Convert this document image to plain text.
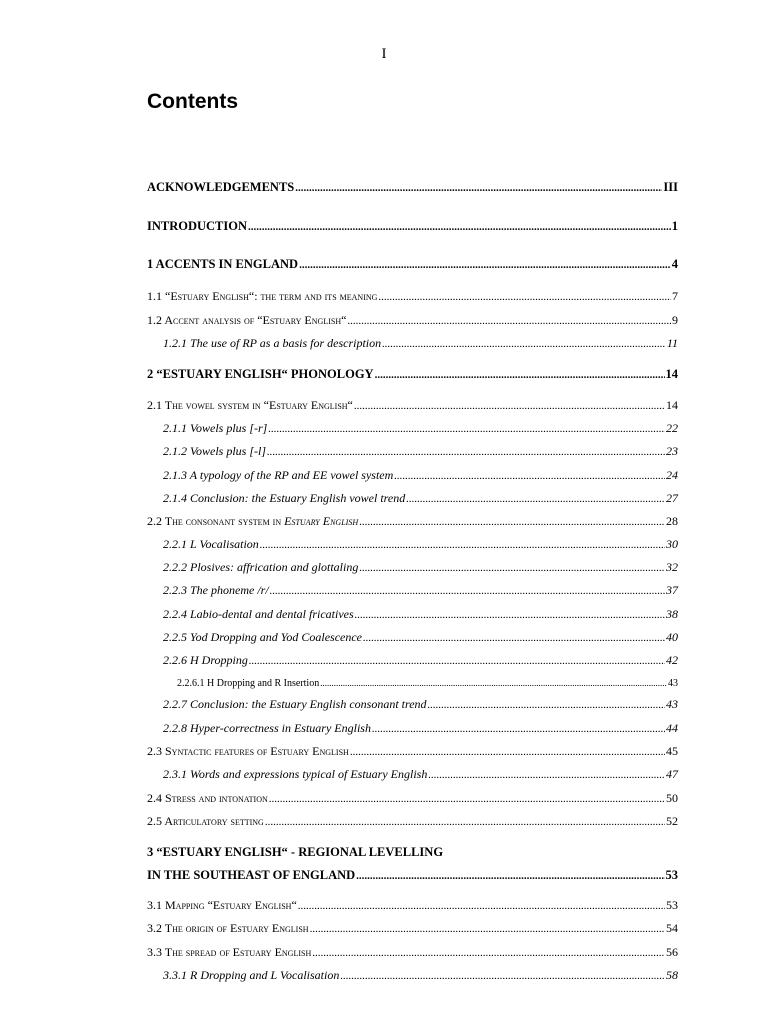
I
Contents
ACKNOWLEDGEMENTS .....	III
INTRODUCTION .....	1
1 ACCENTS IN ENGLAND .....	4
1.1 “Estuary English“: the term and its meaning .....	7
1.2 Accent analysis of “Estuary English“ .....	9
1.2.1 The use of RP as a basis for description .....	11
2 “ESTUARY ENGLISH“ PHONOLOGY .....	14
2.1 The vowel system in “Estuary English“ .....	14
2.1.1 Vowels plus [-r] .....	22
2.1.2 Vowels plus [-l] .....	23
2.1.3 A typology of the RP and EE vowel system .....	24
2.1.4 Conclusion: the Estuary English vowel trend .....	27
2.2 The consonant system in Estuary English .....	28
2.2.1 L Vocalisation .....	30
2.2.2 Plosives: affrication and glottaling .....	32
2.2.3 The phoneme /r/ .....	37
2.2.4 Labio-dental and dental fricatives .....	38
2.2.5 Yod Dropping and Yod Coalescence .....	40
2.2.6 H Dropping .....	42
2.2.6.1 H Dropping and R Insertion .....	43
2.2.7 Conclusion: the Estuary English consonant trend .....	43
2.2.8 Hyper-correctness in Estuary English .....	44
2.3 Syntactic features of Estuary English .....	45
2.3.1 Words and expressions typical of Estuary English .....	47
2.4 Stress and intonation .....	50
2.5 Articulatory setting .....	52
3 “ESTUARY ENGLISH“ - REGIONAL LEVELLING
IN THE SOUTHEAST OF ENGLAND .....	53
3.1 Mapping “Estuary English“ .....	53
3.2 The origin of Estuary English .....	54
3.3 The spread of Estuary English .....	56
3.3.1 R Dropping and L Vocalisation .....	58
